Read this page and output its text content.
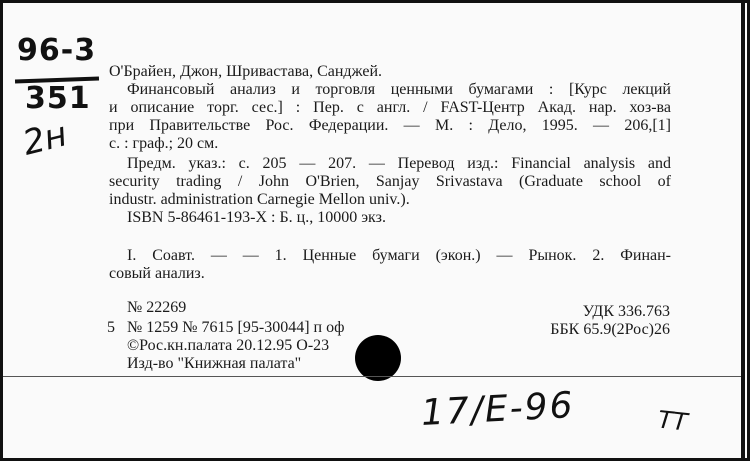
96-3
351
2н
О'Брайен, Джон, Шривастава, Санджей.
Финансовый анализ и торговля ценными бумагами : [Курс лекций
и описание торг. сес.] : Пер. с англ. / FAST-Центр Акад. нар. хоз-ва
при Правительстве Рос. Федерации. — М. : Дело, 1995. — 206,[1]
с. : граф.; 20 см.
Предм. указ.: с. 205 — 207. — Перевод изд.: Financial analysis and
security trading / John O'Brien, Sanjay Srivastava (Graduate school of
industr. administration Carnegie Mellon univ.).
ISBN 5-86461-193-X : Б. ц., 10000 экз.
I. Соавт. — — 1. Ценные бумаги (экон.) — Рынок. 2. Финан-
совый анализ.
№ 22269
5 № 1259 № 7615 [95-30044] п оф
©Рос.кн.палата 20.12.95 О-23
Изд-во "Книжная палата"
УДК 336.763
ББК 65.9(2Рос)26
17/Е-96	ТТ
